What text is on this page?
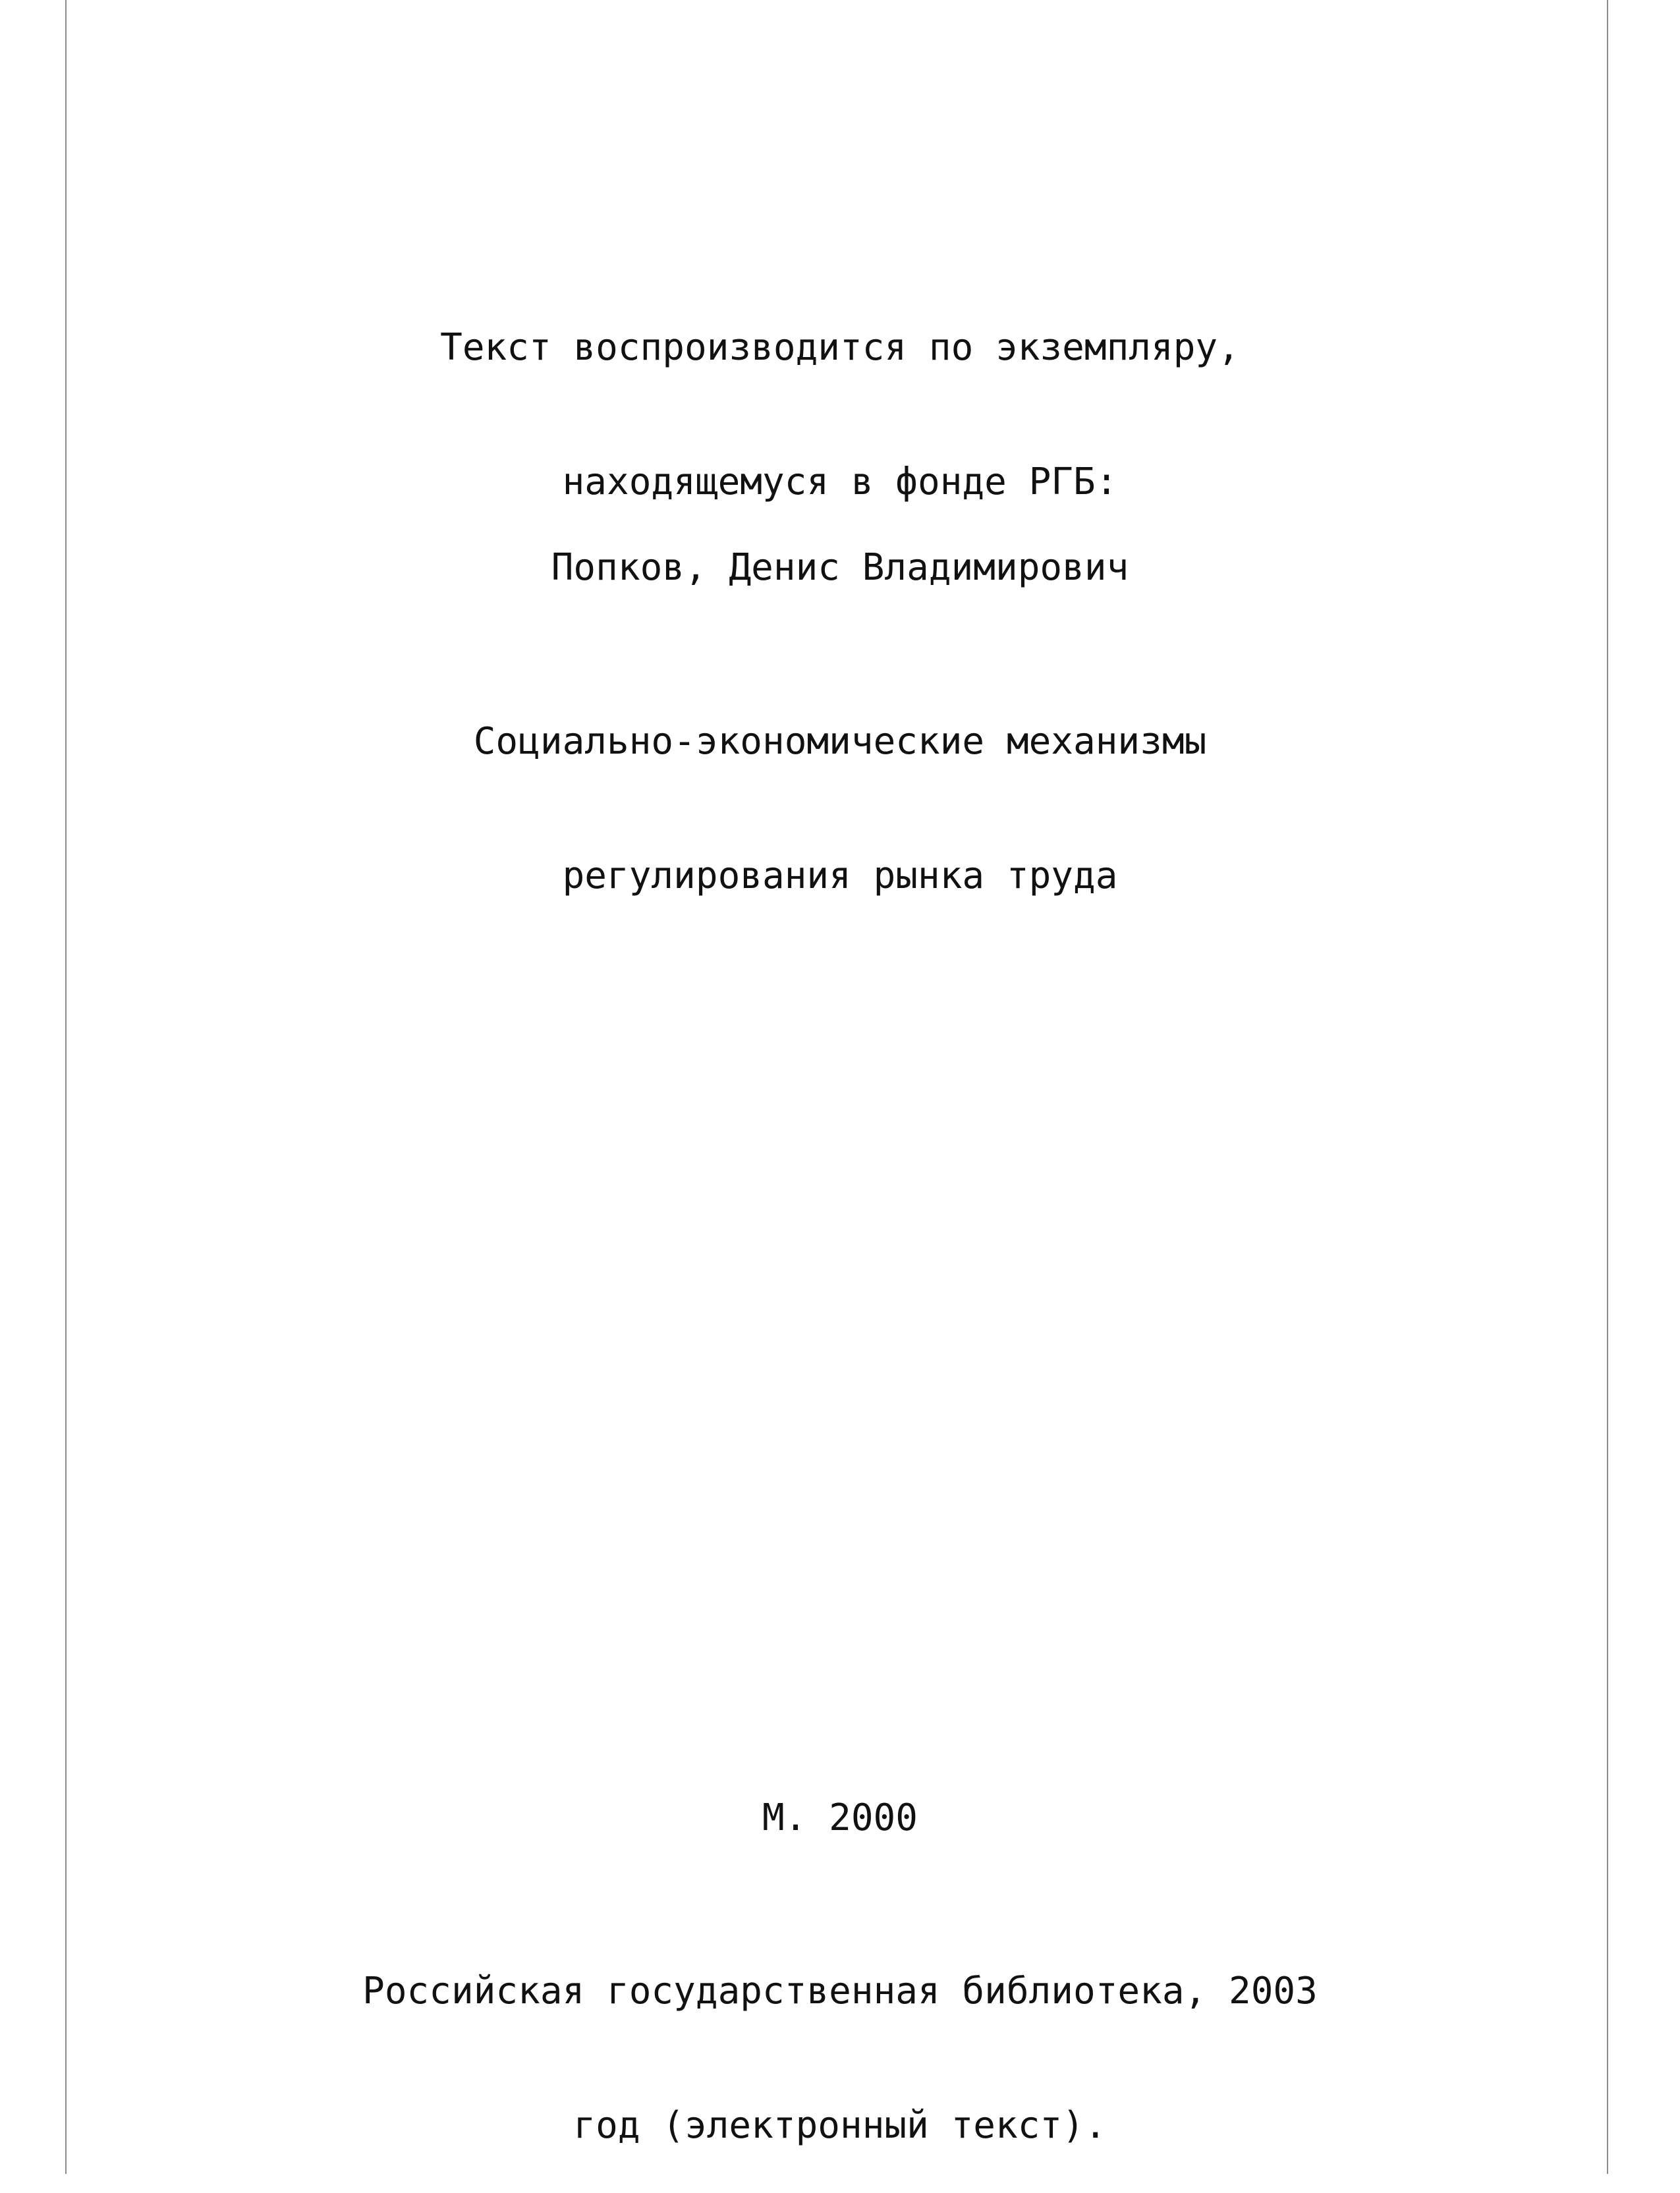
Текст воспроизводится по экземпляру,

находящемуся в фонде РГБ:

Попков, Денис Владимирович

Социально-экономические механизмы

регулирования рынка труда

М. 2000

Российская государственная библиотека, 2003

год (электронный текст).
